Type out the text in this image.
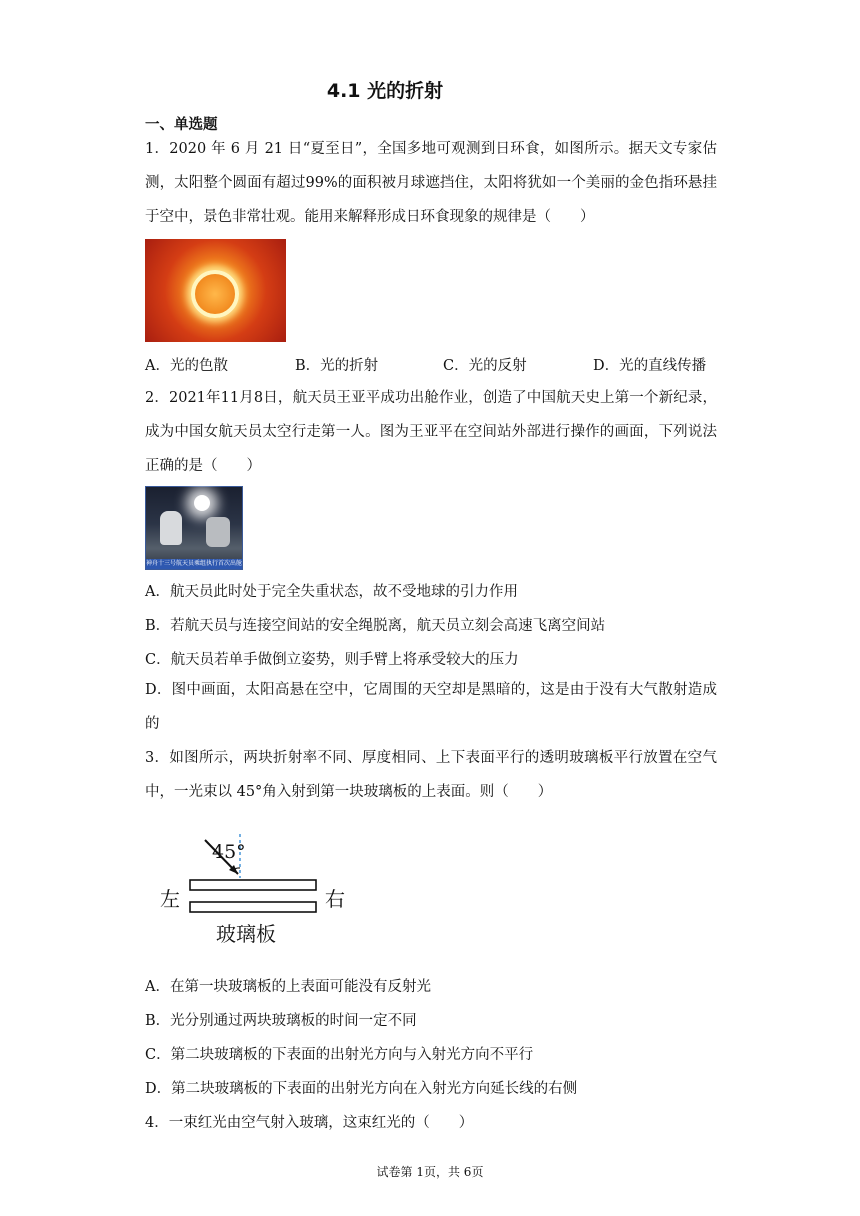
4.1 光的折射
一、单选题

1．2020 年 6 月 21 日“夏至日”，全国多地可观测到日环食，如图所示。据天文专家估测，太阳整个圆面有超过99%的面积被月球遮挡住，太阳将犹如一个美丽的金色指环悬挂于空中，景色非常壮观。能用来解释形成日环食现象的规律是（　　）

A．光的色散	B．光的折射	C．光的反射	D．光的直线传播

2．2021年11月8日，航天员王亚平成功出舱作业，创造了中国航天史上第一个新纪录，成为中国女航天员太空行走第一人。图为王亚平在空间站外部进行操作的画面，下列说法正确的是（　　）

神舟十三号航天员乘组执行首次出舱
A．航天员此时处于完全失重状态，故不受地球的引力作用
B．若航天员与连接空间站的安全绳脱离，航天员立刻会高速飞离空间站
C．航天员若单手做倒立姿势，则手臂上将承受较大的压力

D．图中画面，太阳高悬在空中，它周围的天空却是黑暗的，这是由于没有大气散射造成的

3．如图所示，两块折射率不同、厚度相同、上下表面平行的透明玻璃板平行放置在空气中，一光束以 45°角入射到第一块玻璃板的上表面。则（　　）

45°
左	右
玻璃板
A．在第一块玻璃板的上表面可能没有反射光
B．光分别通过两块玻璃板的时间一定不同
C．第二块玻璃板的下表面的出射光方向与入射光方向不平行
D．第二块玻璃板的下表面的出射光方向在入射光方向延长线的右侧
4．一束红光由空气射入玻璃，这束红光的（　　）
试卷第 1页，共 6页
